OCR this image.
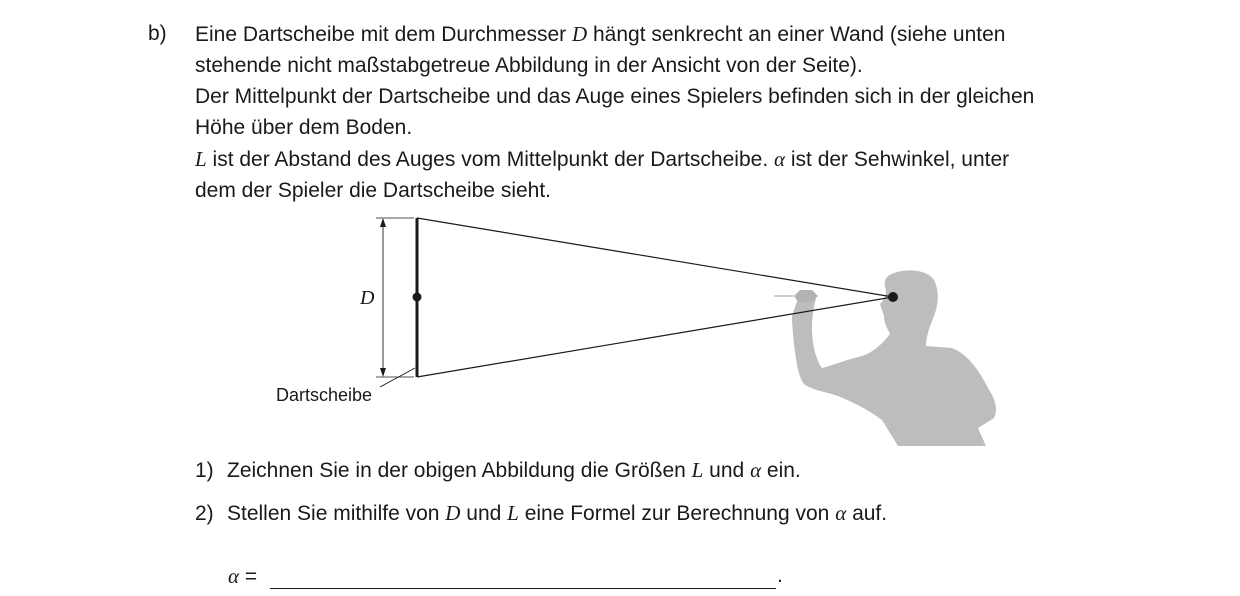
b) Eine Dartscheibe mit dem Durchmesser D hängt senkrecht an einer Wand (siehe unten
stehende nicht maßstabgetreue Abbildung in der Ansicht von der Seite).
Der Mittelpunkt der Dartscheibe und das Auge eines Spielers befinden sich in der gleichen
Höhe über dem Boden.
L ist der Abstand des Auges vom Mittelpunkt der Dartscheibe. α ist der Sehwinkel, unter
dem der Spieler die Dartscheibe sieht.
D
Dartscheibe
1) Zeichnen Sie in der obigen Abbildung die Größen L und α ein.
2) Stellen Sie mithilfe von D und L eine Formel zur Berechnung von α auf.
α =	.
